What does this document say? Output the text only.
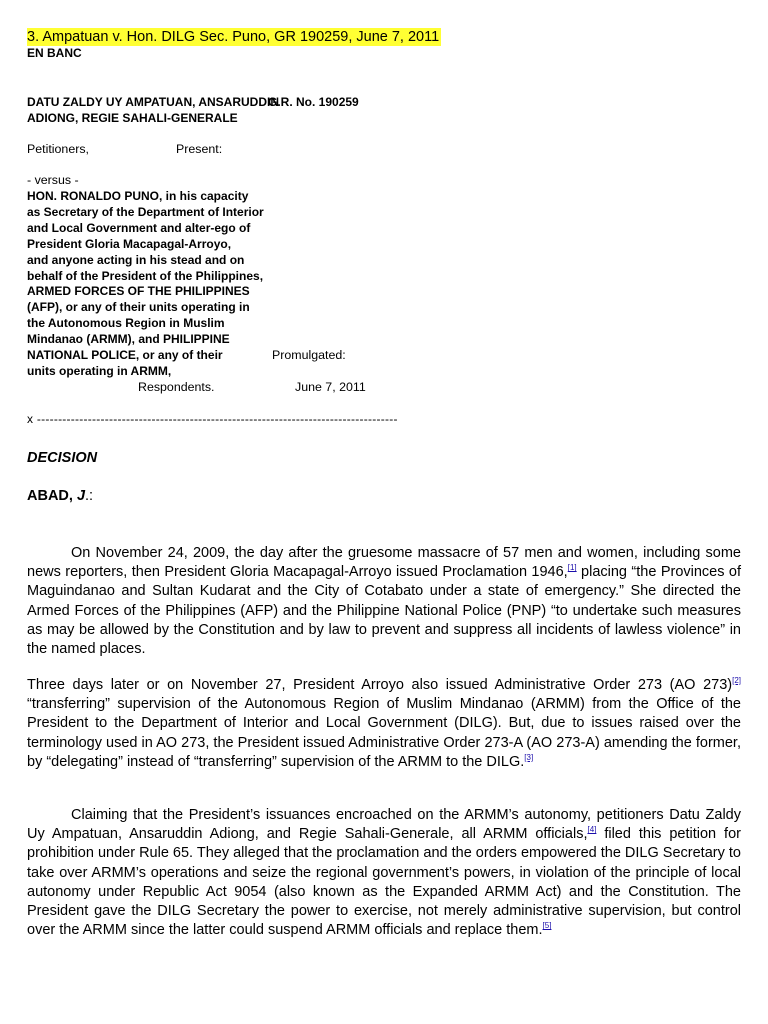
3. Ampatuan v. Hon. DILG Sec. Puno, GR 190259, June 7, 2011
EN BANC
DATU ZALDY UY AMPATUAN, ANSARUDDIN ADIONG, REGIE SAHALI-GENERALE
G.R. No. 190259
Petitioners,	Present:
- versus -
HON. RONALDO PUNO, in his capacity
as Secretary of the Department of Interior
and Local Government and alter-ego of
President Gloria Macapagal-Arroyo,
and anyone acting in his stead and on
behalf of the President of the Philippines,
ARMED FORCES OF THE PHILIPPINES
(AFP), or any of their units operating in
the Autonomous Region in Muslim
Mindanao (ARMM), and PHILIPPINE
NATIONAL POLICE, or any of their	Promulgated:
units operating in ARMM,
Respondents.	June 7, 2011
x -------------------------------------------------------------------------------------
DECISION
ABAD, J.:

On November 24, 2009, the day after the gruesome massacre of 57 men and women, including some news reporters, then President Gloria Macapagal-Arroyo issued Proclamation 1946,[1] placing “the Provinces of Maguindanao and Sultan Kudarat and the City of Cotabato under a state of emergency.” She directed the Armed Forces of the Philippines (AFP) and the Philippine National Police (PNP) “to undertake such measures as may be allowed by the Constitution and by law to prevent and suppress all incidents of lawless violence” in the named places.

Three days later or on November 27, President Arroyo also issued Administrative Order 273 (AO 273)[2] “transferring” supervision of the Autonomous Region of Muslim Mindanao (ARMM) from the Office of the President to the Department of Interior and Local Government (DILG). But, due to issues raised over the terminology used in AO 273, the President issued Administrative Order 273-A (AO 273-A) amending the former, by “delegating” instead of “transferring” supervision of the ARMM to the DILG.[3]

Claiming that the President’s issuances encroached on the ARMM’s autonomy, petitioners Datu Zaldy Uy Ampatuan, Ansaruddin Adiong, and Regie Sahali-Generale, all ARMM officials,[4] filed this petition for prohibition under Rule 65. They alleged that the proclamation and the orders empowered the DILG Secretary to take over ARMM’s operations and seize the regional government’s powers, in violation of the principle of local autonomy under Republic Act 9054 (also known as the Expanded ARMM Act) and the Constitution. The President gave the DILG Secretary the power to exercise, not merely administrative supervision, but control over the ARMM since the latter could suspend ARMM officials and replace them.[5]
